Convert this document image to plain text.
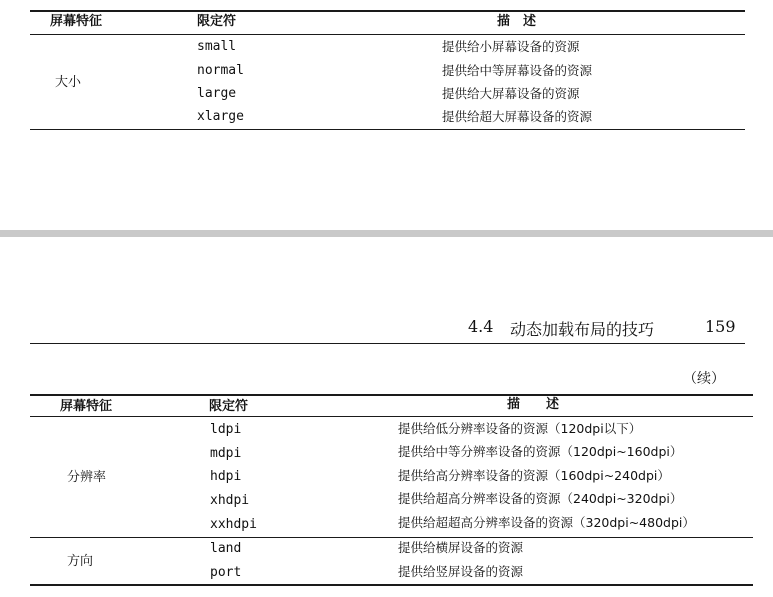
屏幕特征	限定符	描　述
大小
small	提供给小屏幕设备的资源
normal	提供给中等屏幕设备的资源
large	提供给大屏幕设备的资源
xlarge	提供给超大屏幕设备的资源
4.4 动态加载布局的技巧	159
（续）
屏幕特征	限定符	描　　述
分辨率
ldpi	提供给低分辨率设备的资源（120dpi以下）
mdpi	提供给中等分辨率设备的资源（120dpi~160dpi）
hdpi	提供给高分辨率设备的资源（160dpi~240dpi）
xhdpi	提供给超高分辨率设备的资源（240dpi~320dpi）
xxhdpi	提供给超超高分辨率设备的资源（320dpi~480dpi）
方向
land	提供给横屏设备的资源
port	提供给竖屏设备的资源
